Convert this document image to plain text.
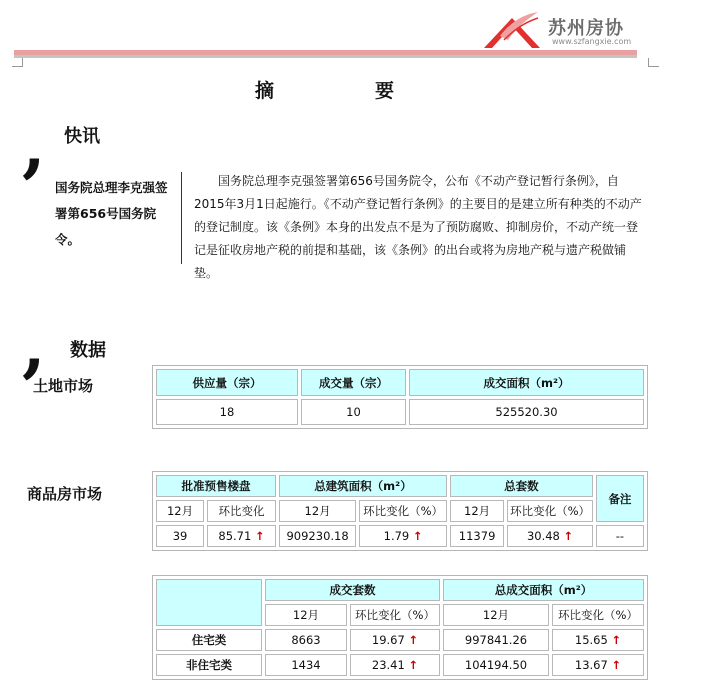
苏州房协
www.szfangxie.com
摘	要
, 快讯
国务院总理李克强签署第656号国务院令。
国务院总理李克强签署第656号国务院令，公布《不动产登记暂行条例》，自2015年3月1日起施行。《不动产登记暂行条例》的主要目的是建立所有种类的不动产的登记制度。该《条例》本身的出发点不是为了预防腐败、抑制房价，不动产统一登记是征收房地产税的前提和基础，该《条例》的出台或将为房地产税与遗产税做铺垫。
, 数据
土地市场	供应量（宗）	成交量（宗）	成交面积（m²）
18	10	525520.30
商品房市场	批准预售楼盘		总建筑面积（m²）		总套数		备注
12月	环比变化	12月	环比变化（%）	12月	环比变化（%）	
39	85.71 ↑	909230.18	1.79 ↑	11379	30.48 ↑	--
	成交套数		总成交面积（m²）	
	12月	环比变化（%）	12月	环比变化（%）
住宅类	8663	19.67 ↑	997841.26	15.65 ↑
非住宅类	1434	23.41 ↑	104194.50	13.67 ↑
